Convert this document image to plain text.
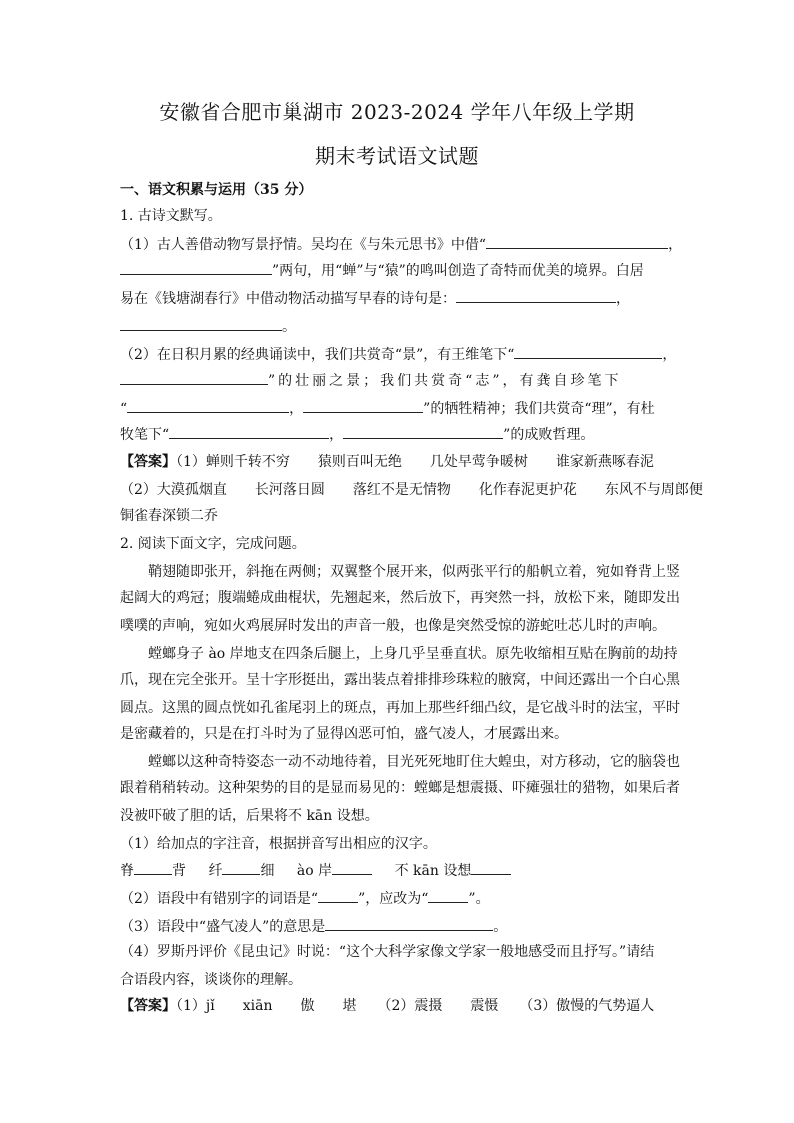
安徽省合肥市巢湖市 2023-2024 学年八年级上学期
期末考试语文试题
一、语文积累与运用（35 分）
1. 古诗文默写。
（1）古人善借动物写景抒情。吴均在《与朱元思书》中借“	，
”两句，用“蝉”与“猿”的鸣叫创造了奇特而优美的境界。白居
易在《钱塘湖春行》中借动物活动描写早春的诗句是：	，
。
（2）在日积月累的经典诵读中，我们共赏奇“景”，有王维笔下“	，
”的壮丽之景；我们共赏奇“志”，有龚自珍笔下
“	，	”的牺牲精神；我们共赏奇“理”，有杜
牧笔下“	，	”的成败哲理。
【答案】（1）蝉则千转不穷　　猿则百叫无绝　　几处早莺争暖树　　谁家新燕啄春泥
（2）大漠孤烟直　　长河落日圆　　落红不是无情物　　化作春泥更护花　　东风不与周郎便
铜雀春深锁二乔
2. 阅读下面文字，完成问题。
鞘翅随即张开，斜拖在两侧；双翼整个展开来，似两张平行的船帆立着，宛如脊背上竖
起阔大的鸡冠；腹端蜷成曲棍状，先翘起来，然后放下，再突然一抖，放松下来，随即发出
噗噗的声响，宛如火鸡展屏时发出的声音一般，也像是突然受惊的游蛇吐芯儿时的声响。
螳螂身子 ào 岸地支在四条后腿上，上身几乎呈垂直状。原先收缩相互贴在胸前的劫持
爪，现在完全张开。呈十字形挺出，露出装点着排排珍珠粒的腋窝，中间还露出一个白心黑
圆点。这黑的圆点恍如孔雀尾羽上的斑点，再加上那些纤细凸纹，是它战斗时的法宝，平时
是密藏着的，只是在打斗时为了显得凶恶可怕，盛气凌人，才展露出来。
螳螂以这种奇特姿态一动不动地待着，目光死死地盯住大蝗虫，对方移动，它的脑袋也
跟着稍稍转动。这种架势的目的是显而易见的：螳螂是想震摄、吓瘫强壮的猎物，如果后者
没被吓破了胆的话，后果将不 kān 设想。
（1）给加点的字注音，根据拼音写出相应的汉字。
脊	背 纤	细 ào 岸	不 kān 设想
（2）语段中有错别字的词语是“	”，应改为“	”。
（3）语段中“盛气凌人”的意思是	。
（4）罗斯丹评价《昆虫记》时说：“这个大科学家像文学家一般地感受而且抒写。”请结
合语段内容，谈谈你的理解。
【答案】（1）jǐ　　xiān　　傲　　堪　　（2）震摄　　震慑　　（3）傲慢的气势逼人
